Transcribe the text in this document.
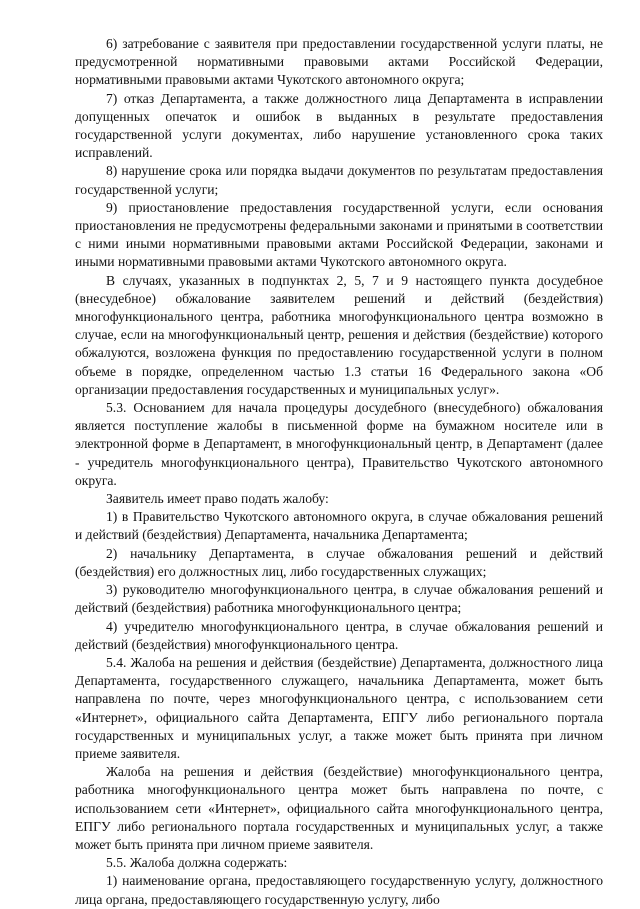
6) затребование с заявителя при предоставлении государственной услуги платы, не предусмотренной нормативными правовыми актами Российской Федерации, нормативными правовыми актами Чукотского автономного округа;

7) отказ Департамента, а также должностного лица Департамента в исправлении допущенных опечаток и ошибок в выданных в результате предоставления государственной услуги документах, либо нарушение установленного срока таких исправлений.

8) нарушение срока или порядка выдачи документов по результатам предоставления государственной услуги;

9) приостановление предоставления государственной услуги, если основания приостановления не предусмотрены федеральными законами и принятыми в соответствии с ними иными нормативными правовыми актами Российской Федерации, законами и иными нормативными правовыми актами Чукотского автономного округа.

В случаях, указанных в подпунктах 2, 5, 7 и 9 настоящего пункта досудебное (внесудебное) обжалование заявителем решений и действий (бездействия) многофункционального центра, работника многофункционального центра возможно в случае, если на многофункциональный центр, решения и действия (бездействие) которого обжалуются, возложена функция по предоставлению государственной услуги в полном объеме в порядке, определенном частью 1.3 статьи 16 Федерального закона «Об организации предоставления государственных и муниципальных услуг».

5.3. Основанием для начала процедуры досудебного (внесудебного) обжалования является поступление жалобы в письменной форме на бумажном носителе или в электронной форме в Департамент, в многофункциональный центр, в Департамент (далее - учредитель многофункционального центра), Правительство Чукотского автономного округа.

Заявитель имеет право подать жалобу:

1) в Правительство Чукотского автономного округа, в случае обжалования решений и действий (бездействия) Департамента, начальника Департамента;

2) начальнику Департамента, в случае обжалования решений и действий (бездействия) его должностных лиц, либо государственных служащих;

3) руководителю многофункционального центра, в случае обжалования решений и действий (бездействия) работника многофункционального центра;

4) учредителю многофункционального центра, в случае обжалования решений и действий (бездействия) многофункционального центра.

5.4. Жалоба на решения и действия (бездействие) Департамента, должностного лица Департамента, государственного служащего, начальника Департамента, может быть направлена по почте, через многофункционального центра, с использованием сети «Интернет», официального сайта Департамента, ЕПГУ либо регионального портала государственных и муниципальных услуг, а также может быть принята при личном приеме заявителя.

Жалоба на решения и действия (бездействие) многофункционального центра, работника многофункционального центра может быть направлена по почте, с использованием сети «Интернет», официального сайта многофункционального центра, ЕПГУ либо регионального портала государственных и муниципальных услуг, а также может быть принята при личном приеме заявителя.

5.5. Жалоба должна содержать:

1) наименование органа, предоставляющего государственную услугу, должностного лица органа, предоставляющего государственную услугу, либо
